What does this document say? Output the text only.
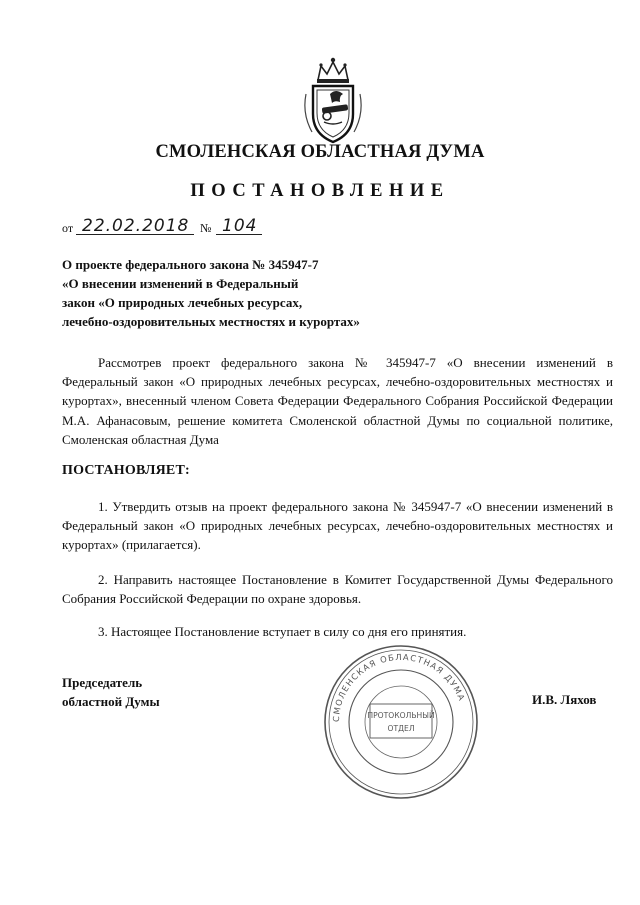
СМОЛЕНСКАЯ ОБЛАСТНАЯ ДУМА
ПОСТАНОВЛЕНИЕ
от 22.02.2018 № 104
О проекте федерального закона № 345947-7
«О внесении изменений в Федеральный
закон «О природных лечебных ресурсах,
лечебно-оздоровительных местностях и курортах»
Рассмотрев проект федерального закона № 345947-7 «О внесении изменений в Федеральный закон «О природных лечебных ресурсах, лечебно-оздоровительных местностях и курортах», внесенный членом Совета Федерации Федерального Собрания Российской Федерации М.А. Афанасовым, решение комитета Смоленской областной Думы по социальной политике, Смоленская областная Дума
ПОСТАНОВЛЯЕТ:
1. Утвердить отзыв на проект федерального закона № 345947-7 «О внесении изменений в Федеральный закон «О природных лечебных ресурсах, лечебно-оздоровительных местностях и курортах» (прилагается).
2. Направить настоящее Постановление в Комитет Государственной Думы Федерального Собрания Российской Федерации по охране здоровья.
3. Настоящее Постановление вступает в силу со дня его принятия.
Председатель
областной Думы	И.В. Ляхов
СМОЛЕНСКАЯ ОБЛАСТНАЯ ДУМА
ПРОТОКОЛЬНЫЙ
ОТДЕЛ
